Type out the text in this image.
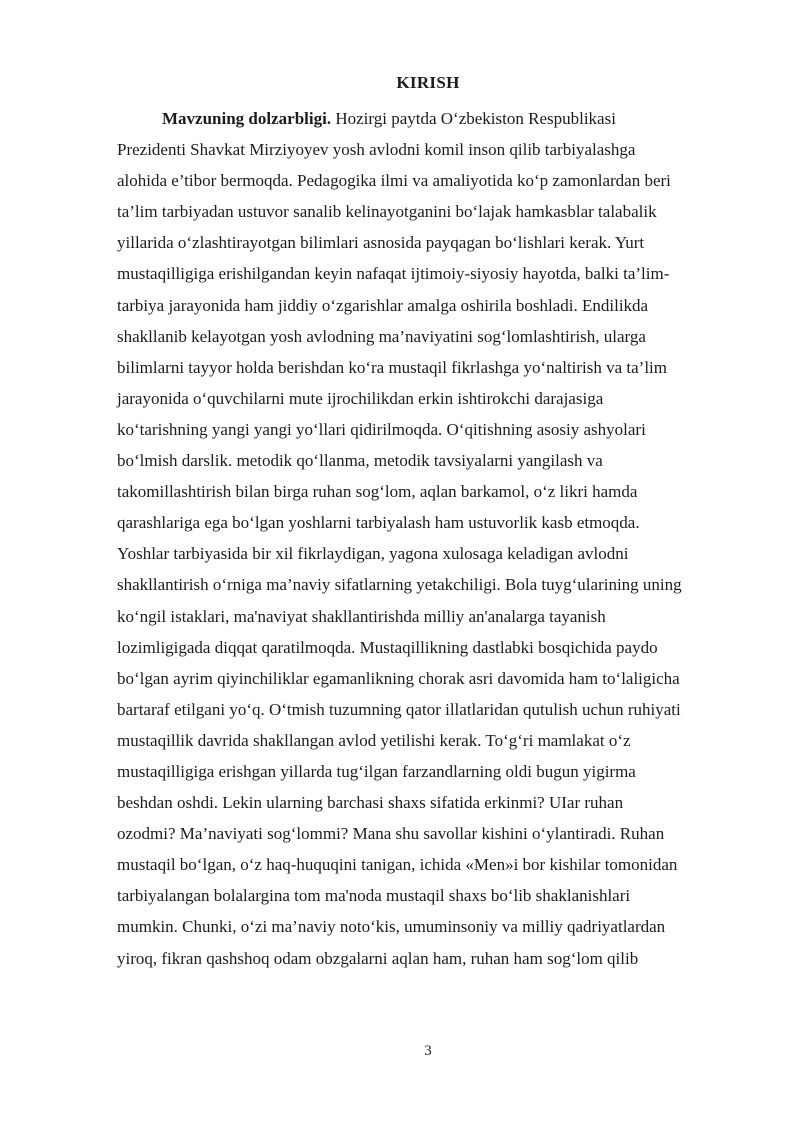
KIRISH
Mavzuning dolzarbligi. Hozirgi paytda O‘zbekiston Respublikasi
Prezidenti Shavkat Mirziyoyev yosh avlodni komil inson qilib tarbiyalashga
alohida e’tibor bermoqda. Pedagogika ilmi va amaliyotida ko‘p zamonlardan beri
ta’lim tarbiyadan ustuvor sanalib kelinayotganini bo‘lajak hamkasblar talabalik
yillarida o‘zlashtirayotgan bilimlari asnosida payqagan bo‘lishlari kerak. Yurt
mustaqilligiga erishilgandan keyin nafaqat ijtimoiy-siyosiy hayotda, balki ta’lim-
tarbiya jarayonida ham jiddiy o‘zgarishlar amalga oshirila boshladi. Endilikda
shakllanib kelayotgan yosh avlodning ma’naviyatini sog‘lomlashtirish, ularga
bilimlarni tayyor holda berishdan ko‘ra mustaqil fikrlashga yo‘naltirish va ta’lim
jarayonida o‘quvchilarni mute ijrochilikdan erkin ishtirokchi darajasiga
ko‘tarishning yangi yangi yo‘llari qidirilmoqda. O‘qitishning asosiy ashyolari
bo‘lmish darslik. metodik qo‘llanma, metodik tavsiyalarni yangilash va
takomillashtirish bilan birga ruhan sog‘lom, aqlan barkamol, o‘z likri hamda
qarashlariga ega bo‘lgan yoshlarni tarbiyalash ham ustuvorlik kasb etmoqda.
Yoshlar tarbiyasida bir xil fikrlaydigan, yagona xulosaga keladigan avlodni
shakllantirish o‘rniga ma’naviy sifatlarning yetakchiligi. Bola tuyg‘ularining uning
ko‘ngil istaklari, ma'naviyat shakllantirishda milliy an'analarga tayanish
lozimligigada diqqat qaratilmoqda. Mustaqillikning dastlabki bosqichida paydo
bo‘lgan ayrim qiyinchiliklar egamanlikning chorak asri davomida ham to‘laligicha
bartaraf etilgani yo‘q. O‘tmish tuzumning qator illatlaridan qutulish uchun ruhiyati
mustaqillik davrida shakllangan avlod yetilishi kerak. To‘g‘ri mamlakat o‘z
mustaqilligiga erishgan yillarda tug‘ilgan farzandlarning oldi bugun yigirma
beshdan oshdi. Lekin ularning barchasi shaxs sifatida erkinmi? UIar ruhan
ozodmi? Ma’naviyati sog‘lommi? Mana shu savollar kishini o‘ylantiradi. Ruhan
mustaqil bo‘lgan, o‘z haq-huquqini tanigan, ichida «Men»i bor kishilar tomonidan
tarbiyalangan bolalargina tom ma'noda mustaqil shaxs bo‘lib shaklanishlari
mumkin. Chunki, o‘zi ma’naviy noto‘kis, umuminsoniy va milliy qadriyatlardan
yiroq, fikran qashshoq odam obzgalarni aqlan ham, ruhan ham sog‘lom qilib
3
